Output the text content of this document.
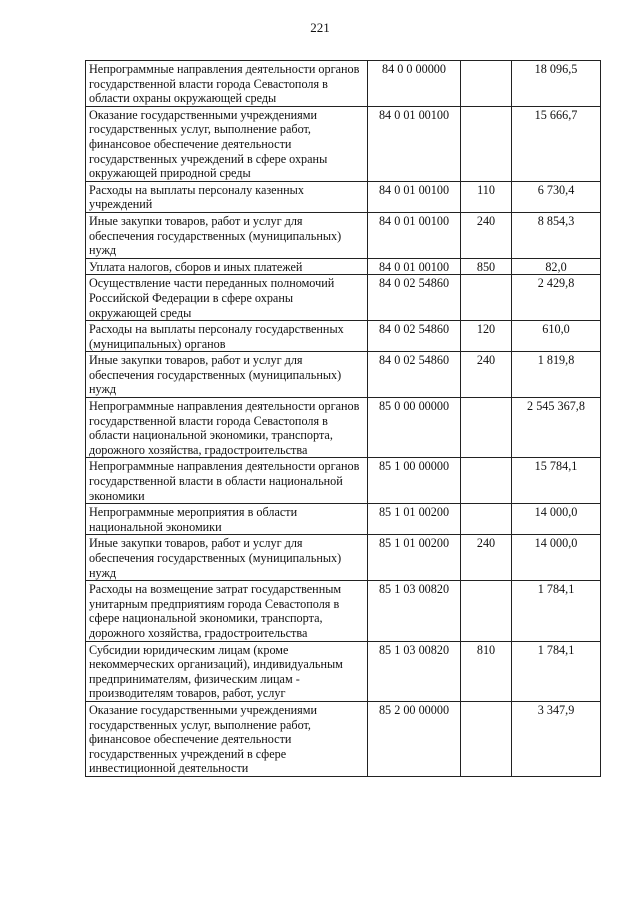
221
Непрограммные направления деятельности органов государственной власти города Севастополя в области охраны окружающей среды	84 0 0 00000		18 096,5
Оказание государственными учреждениями государственных услуг, выполнение работ, финансовое обеспечение деятельности государственных учреждений в сфере охраны окружающей природной среды	84 0 01 00100		15 666,7
Расходы на выплаты персоналу казенных учреждений	84 0 01 00100	110	6 730,4
Иные закупки товаров, работ и услуг для обеспечения государственных (муниципальных) нужд	84 0 01 00100	240	8 854,3
Уплата налогов, сборов и иных платежей	84 0 01 00100	850	82,0
Осуществление части переданных полномочий Российской Федерации в сфере охраны окружающей среды	84 0 02 54860		2 429,8
Расходы на выплаты персоналу государственных (муниципальных) органов	84 0 02 54860	120	610,0
Иные закупки товаров, работ и услуг для обеспечения государственных (муниципальных) нужд	84 0 02 54860	240	1 819,8
Непрограммные направления деятельности органов государственной власти города Севастополя в области национальной экономики, транспорта, дорожного хозяйства, градостроительства	85 0 00 00000		2 545 367,8
Непрограммные направления деятельности органов государственной власти в области национальной экономики	85 1 00 00000		15 784,1
Непрограммные мероприятия в области национальной экономики	85 1 01 00200		14 000,0
Иные закупки товаров, работ и услуг для обеспечения государственных (муниципальных) нужд	85 1 01 00200	240	14 000,0
Расходы на возмещение затрат государственным унитарным предприятиям города Севастополя в сфере национальной экономики, транспорта, дорожного хозяйства, градостроительства	85 1 03 00820		1 784,1
Субсидии юридическим лицам (кроме некоммерческих организаций), индивидуальным предпринимателям, физическим лицам - производителям товаров, работ, услуг	85 1 03 00820	810	1 784,1
Оказание государственными учреждениями государственных услуг, выполнение работ, финансовое обеспечение деятельности государственных учреждений в сфере инвестиционной деятельности	85 2 00 00000		3 347,9
